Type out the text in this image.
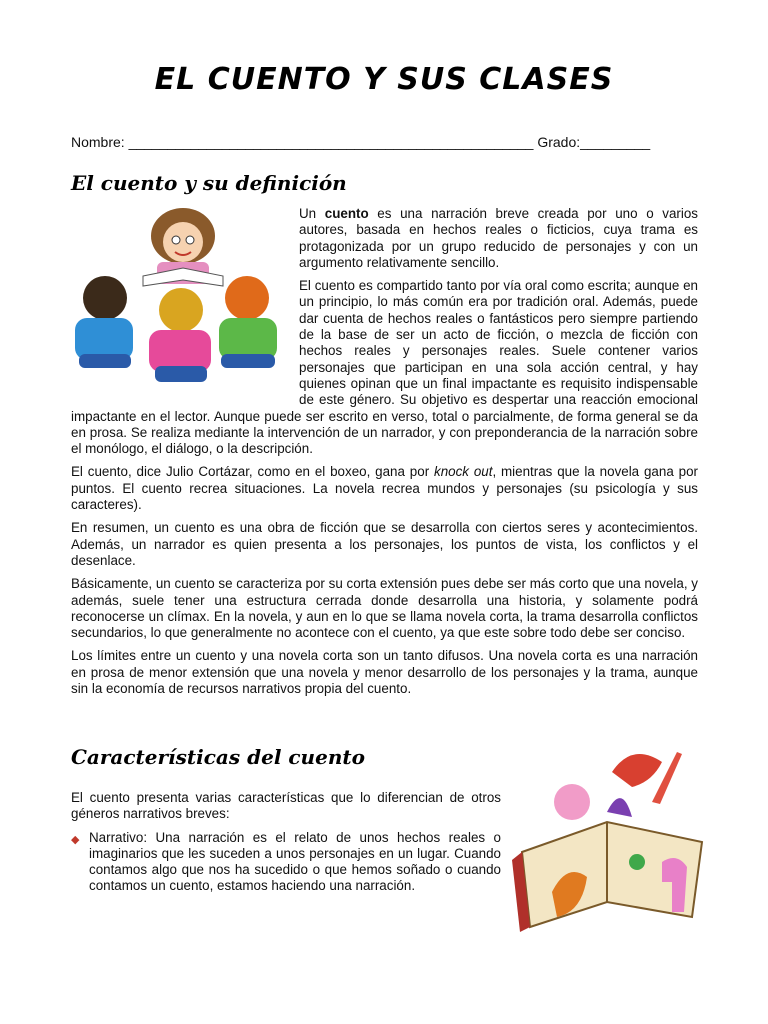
EL CUENTO Y SUS CLASES
Nombre: ____________________________________________________ Grado:_________
El cuento y su definición

Un cuento es una narración breve creada por uno o varios autores, basada en hechos reales o ficticios, cuya trama es protagonizada por un grupo reducido de personajes y con un argumento relativamente sencillo.

El cuento es compartido tanto por vía oral como escrita; aunque en un principio, lo más común era por tradición oral. Además, puede dar cuenta de hechos reales o fantásticos pero siempre partiendo de la base de ser un acto de ficción, o mezcla de ficción con hechos reales y personajes reales. Suele contener varios personajes que participan en una sola acción central, y hay quienes opinan que un final impactante es requisito indispensable de este género. Su objetivo es despertar una reacción emocional impactante en el lector. Aunque puede ser escrito en verso, total o parcialmente, de forma general se da en prosa. Se realiza mediante la intervención de un narrador, y con preponderancia de la narración sobre el monólogo, el diálogo, o la descripción.

El cuento, dice Julio Cortázar, como en el boxeo, gana por knock out, mientras que la novela gana por puntos. El cuento recrea situaciones. La novela recrea mundos y personajes (su psicología y sus caracteres).

En resumen, un cuento es una obra de ficción que se desarrolla con ciertos seres y acontecimientos. Además, un narrador es quien presenta a los personajes, los puntos de vista, los conflictos y el desenlace.

Básicamente, un cuento se caracteriza por su corta extensión pues debe ser más corto que una novela, y además, suele tener una estructura cerrada donde desarrolla una historia, y solamente podrá reconocerse un clímax. En la novela, y aun en lo que se llama novela corta, la trama desarrolla conflictos secundarios, lo que generalmente no acontece con el cuento, ya que este sobre todo debe ser conciso.

Los límites entre un cuento y una novela corta son un tanto difusos. Una novela corta es una narración en prosa de menor extensión que una novela y menor desarrollo de los personajes y la trama, aunque sin la economía de recursos narrativos propia del cuento.

Características del cuento

El cuento presenta varias características que lo diferencian de otros géneros narrativos breves:

◆ Narrativo: Una narración es el relato de unos hechos reales o imaginarios que les suceden a unos personajes en un lugar. Cuando contamos algo que nos ha sucedido o que hemos soñado o cuando contamos un cuento, estamos haciendo una narración.
